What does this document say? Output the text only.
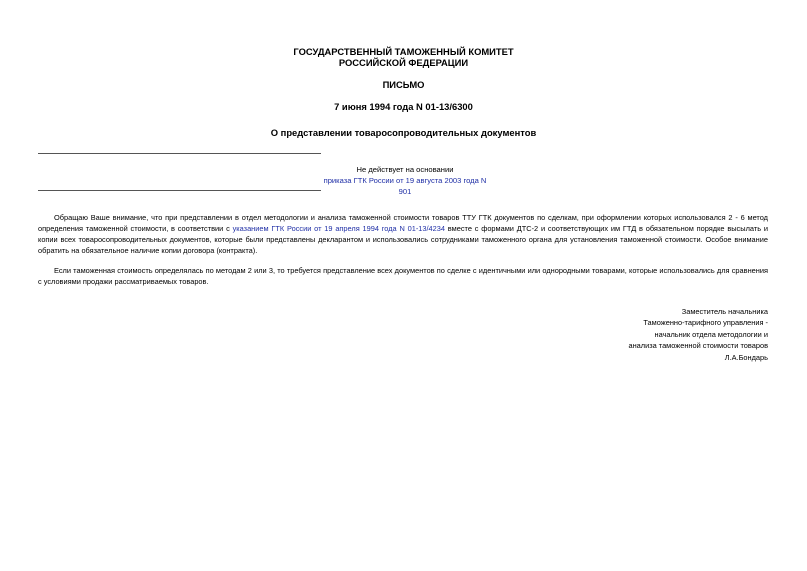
ГОСУДАРСТВЕННЫЙ ТАМОЖЕННЫЙ КОМИТЕТ
РОССИЙСКОЙ ФЕДЕРАЦИИ
ПИСЬМО
7 июня 1994 года N 01-13/6300
О представлении товаросопроводительных документов
Не действует на основании
приказа ГТК России от 19 августа 2003 года N 901

Обращаю Ваше внимание, что при представлении в отдел методологии и анализа таможенной стоимости товаров ТТУ ГТК документов по сделкам, при оформлении которых использовался 2 - 6 метод определения таможенной стоимости, в соответствии с указанием ГТК России от 19 апреля 1994 года N 01-13/4234 вместе с формами ДТС-2 и соответствующих им ГТД в обязательном порядке высылать и копии всех товаросопроводительных документов, которые были представлены декларантом и использовались сотрудниками таможенного органа для установления таможенной стоимости. Особое внимание обратить на обязательное наличие копии договора (контракта).

Если таможенная стоимость определялась по методам 2 или 3, то требуется представление всех документов по сделке с идентичными или однородными товарами, которые использовались для сравнения с условиями продажи рассматриваемых товаров.

Заместитель начальника
Таможенно-тарифного управления -
начальник отдела методологии и
анализа таможенной стоимости товаров
Л.А.Бондарь
